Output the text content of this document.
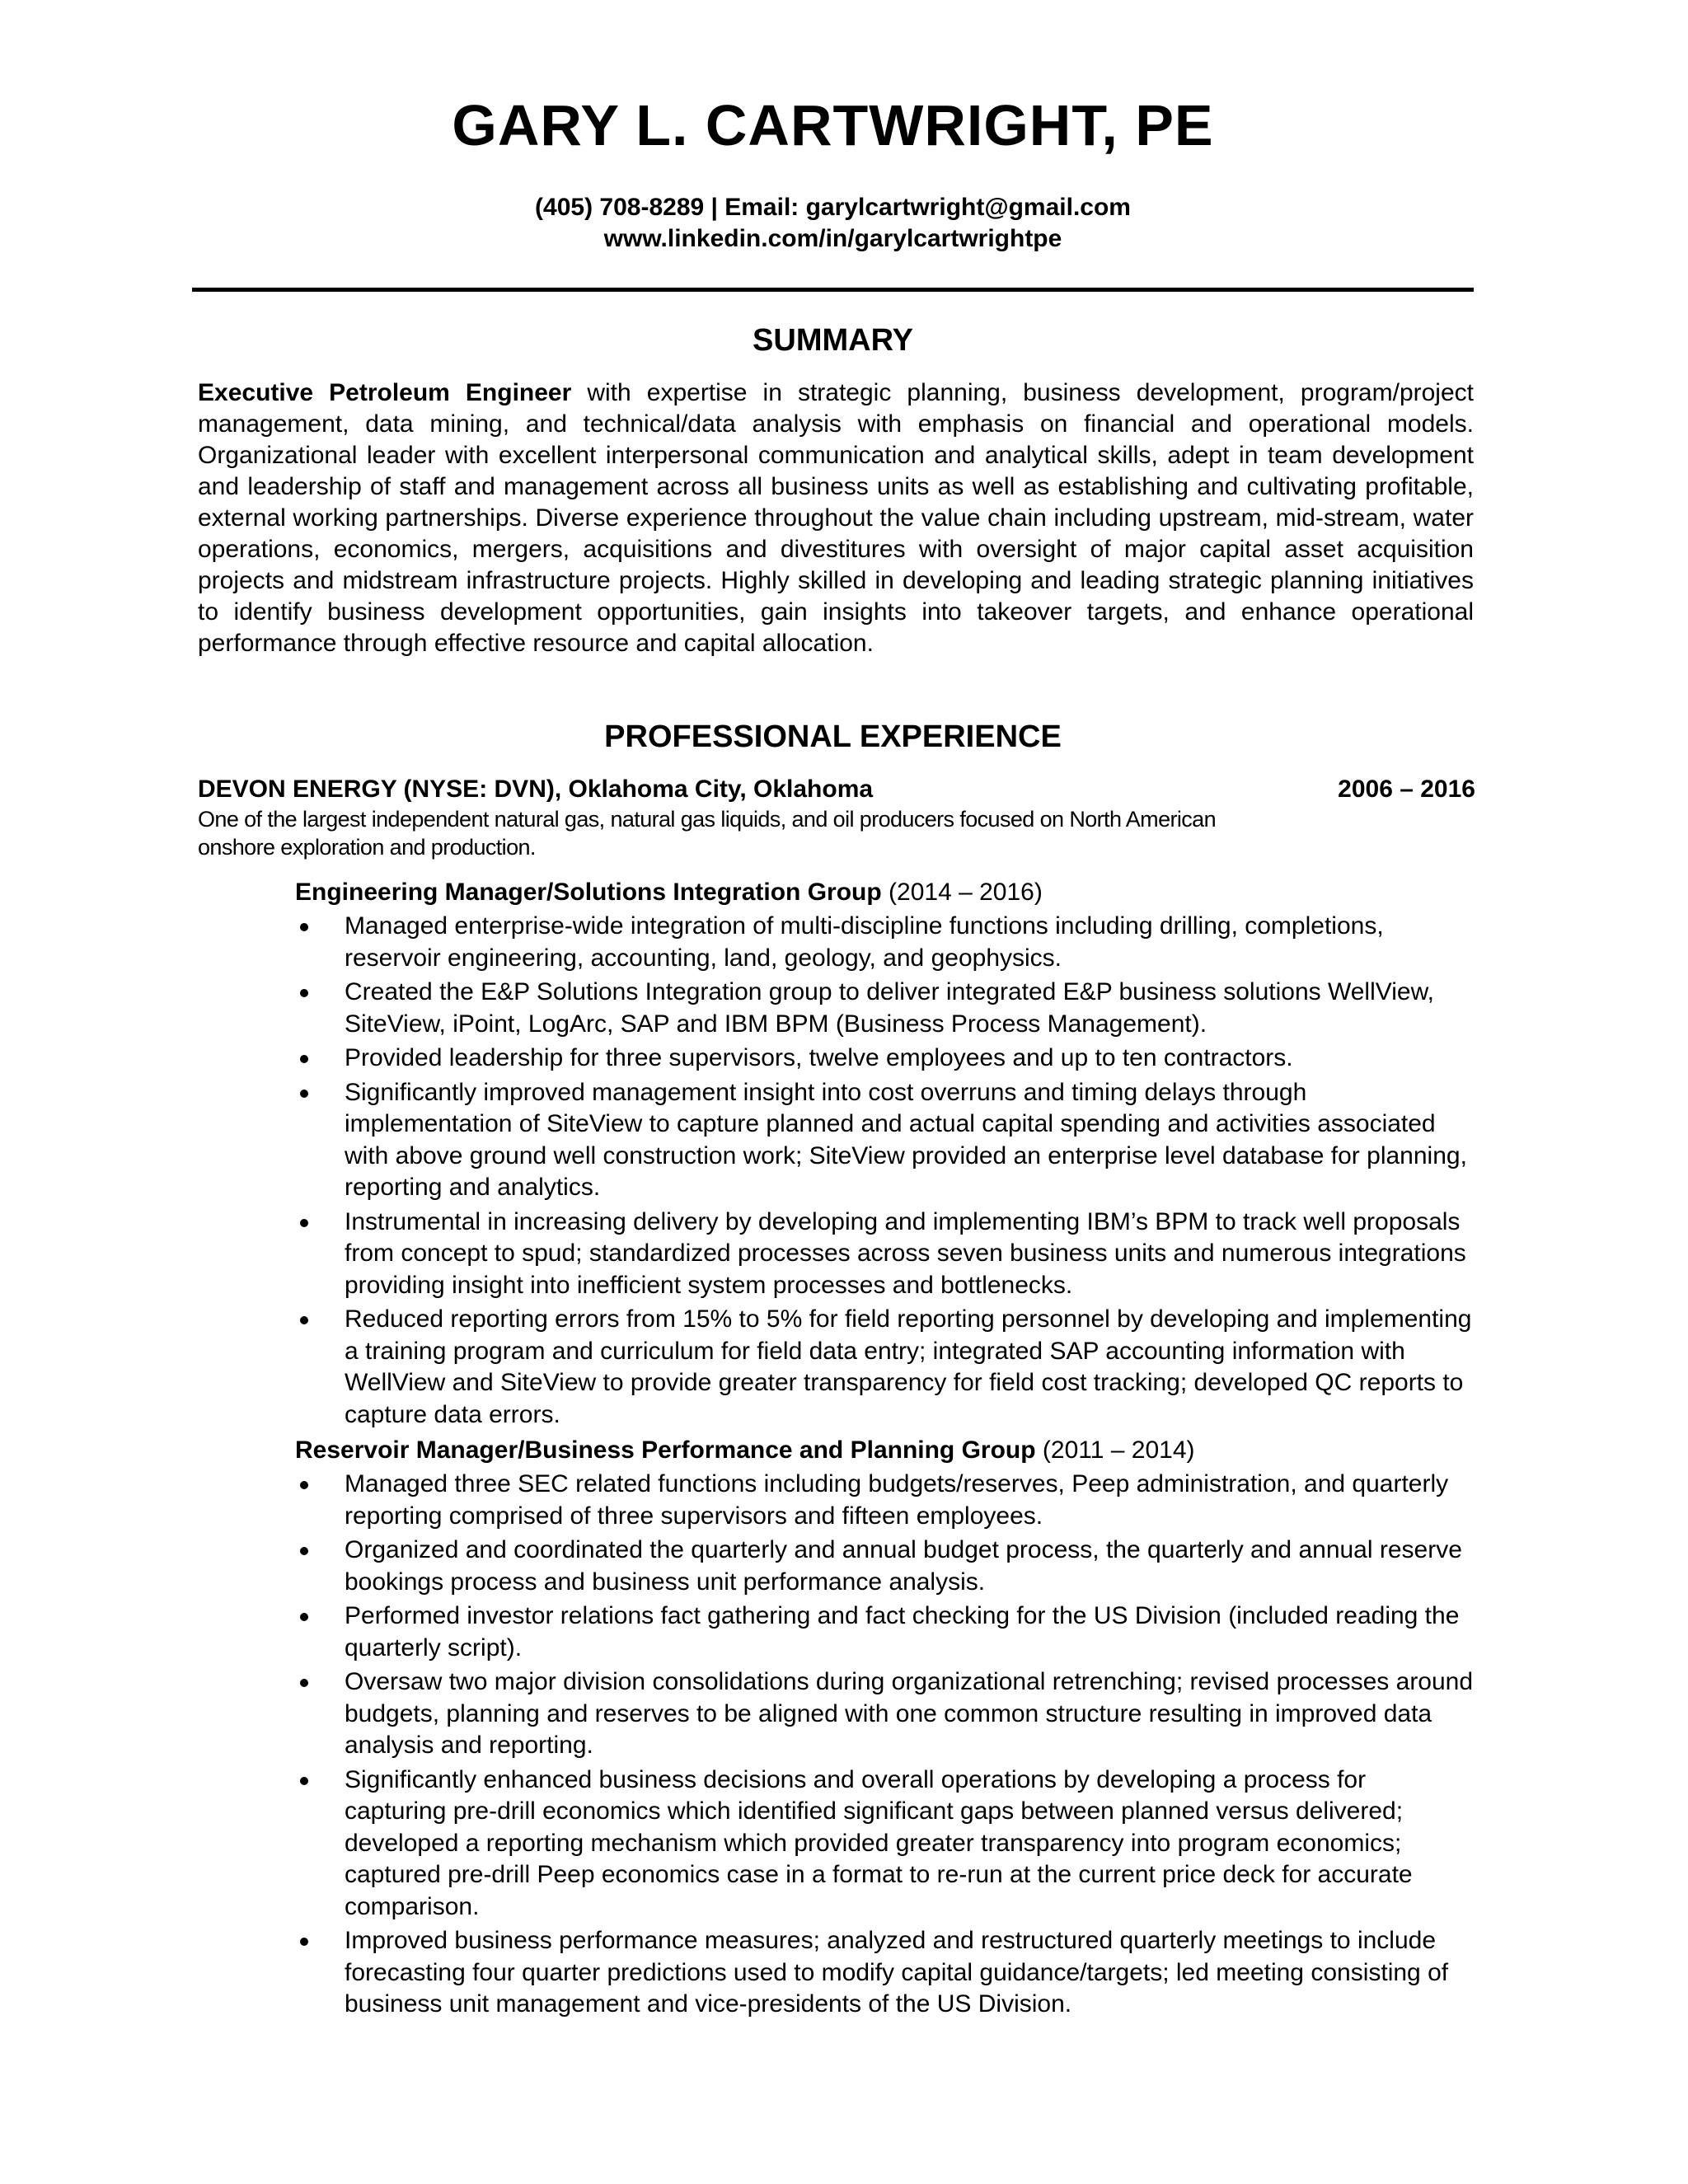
GARY L. CARTWRIGHT, PE
(405) 708-8289 | Email: garylcartwright@gmail.com
www.linkedin.com/in/garylcartwrightpe
SUMMARY
Executive Petroleum Engineer with expertise in strategic planning, business development, program/project management, data mining, and technical/data analysis with emphasis on financial and operational models. Organizational leader with excellent interpersonal communication and analytical skills, adept in team development and leadership of staff and management across all business units as well as establishing and cultivating profitable, external working partnerships. Diverse experience throughout the value chain including upstream, mid-stream, water operations, economics, mergers, acquisitions and divestitures with oversight of major capital asset acquisition projects and midstream infrastructure projects. Highly skilled in developing and leading strategic planning initiatives to identify business development opportunities, gain insights into takeover targets, and enhance operational performance through effective resource and capital allocation.
PROFESSIONAL EXPERIENCE
DEVON ENERGY (NYSE: DVN), Oklahoma City, Oklahoma	2006 – 2016
One of the largest independent natural gas, natural gas liquids, and oil producers focused on North American
onshore exploration and production.
Engineering Manager/Solutions Integration Group (2014 – 2016)
Managed enterprise-wide integration of multi-discipline functions including drilling, completions, reservoir engineering, accounting, land, geology, and geophysics.
Created the E&P Solutions Integration group to deliver integrated E&P business solutions WellView, SiteView, iPoint, LogArc, SAP and IBM BPM (Business Process Management).
Provided leadership for three supervisors, twelve employees and up to ten contractors.
Significantly improved management insight into cost overruns and timing delays through implementation of SiteView to capture planned and actual capital spending and activities associated with above ground well construction work; SiteView provided an enterprise level database for planning, reporting and analytics.
Instrumental in increasing delivery by developing and implementing IBM’s BPM to track well proposals from concept to spud; standardized processes across seven business units and numerous integrations providing insight into inefficient system processes and bottlenecks.
Reduced reporting errors from 15% to 5% for field reporting personnel by developing and implementing a training program and curriculum for field data entry; integrated SAP accounting information with WellView and SiteView to provide greater transparency for field cost tracking; developed QC reports to capture data errors.
Reservoir Manager/Business Performance and Planning Group (2011 – 2014)
Managed three SEC related functions including budgets/reserves, Peep administration, and quarterly reporting comprised of three supervisors and fifteen employees.
Organized and coordinated the quarterly and annual budget process, the quarterly and annual reserve bookings process and business unit performance analysis.
Performed investor relations fact gathering and fact checking for the US Division (included reading the quarterly script).
Oversaw two major division consolidations during organizational retrenching; revised processes around budgets, planning and reserves to be aligned with one common structure resulting in improved data analysis and reporting.
Significantly enhanced business decisions and overall operations by developing a process for capturing pre-drill economics which identified significant gaps between planned versus delivered; developed a reporting mechanism which provided greater transparency into program economics; captured pre-drill Peep economics case in a format to re-run at the current price deck for accurate comparison.
Improved business performance measures; analyzed and restructured quarterly meetings to include forecasting four quarter predictions used to modify capital guidance/targets; led meeting consisting of business unit management and vice-presidents of the US Division.
